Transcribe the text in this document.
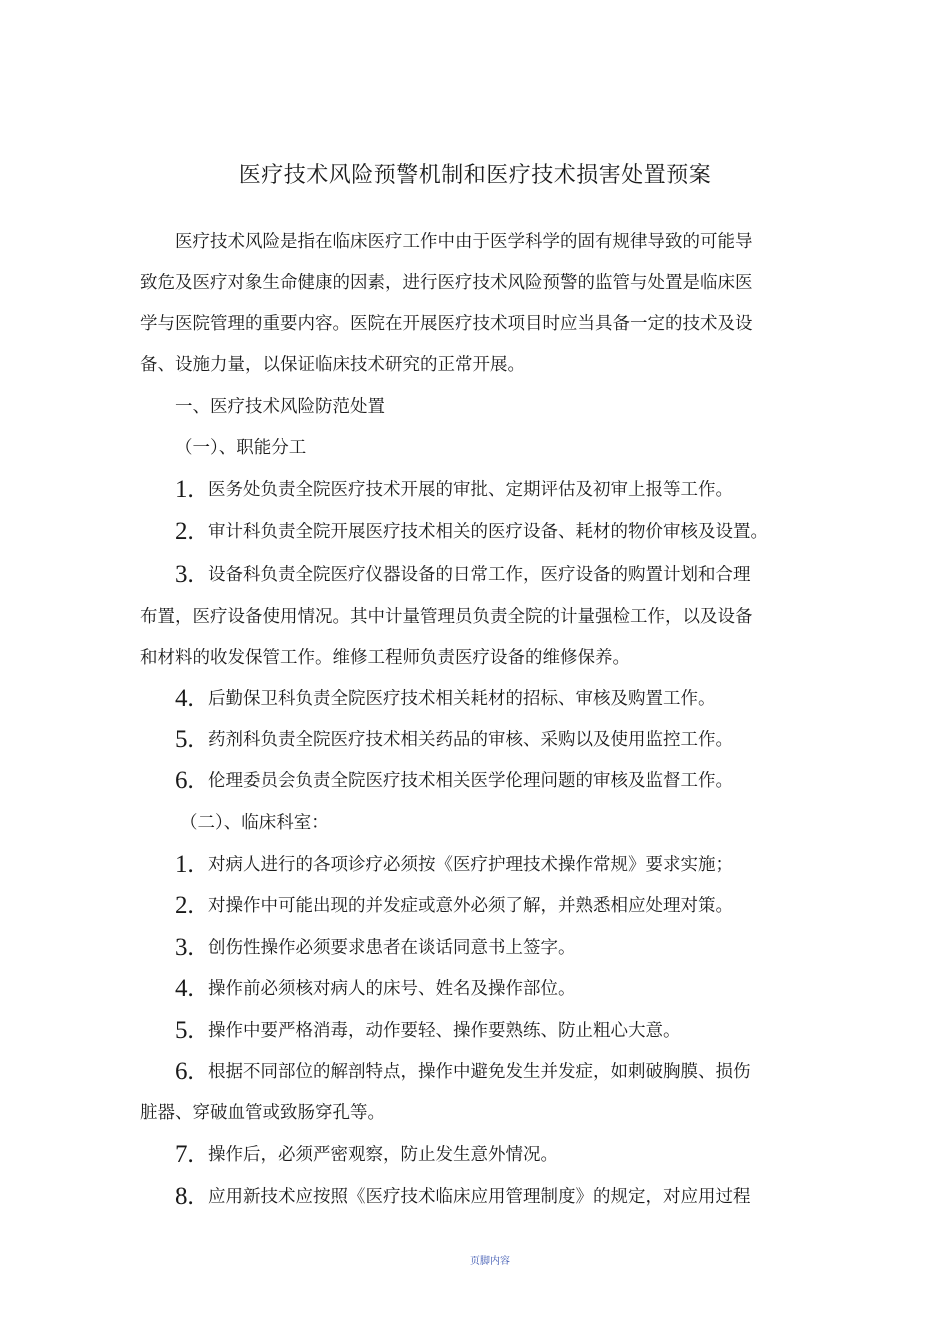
医疗技术风险预警机制和医疗技术损害处置预案
医疗技术风险是指在临床医疗工作中由于医学科学的固有规律导致的可能导
致危及医疗对象生命健康的因素，进行医疗技术风险预警的监管与处置是临床医
学与医院管理的重要内容。医院在开展医疗技术项目时应当具备一定的技术及设
备、设施力量，以保证临床技术研究的正常开展。
一、医疗技术风险防范处置
（一）、职能分工
1. 医务处负责全院医疗技术开展的审批、定期评估及初审上报等工作。
2. 审计科负责全院开展医疗技术相关的医疗设备、耗材的物价审核及设置。
3. 设备科负责全院医疗仪器设备的日常工作，医疗设备的购置计划和合理
布置，医疗设备使用情况。其中计量管理员负责全院的计量强检工作，以及设备
和材料的收发保管工作。维修工程师负责医疗设备的维修保养。
4. 后勤保卫科负责全院医疗技术相关耗材的招标、审核及购置工作。
5. 药剂科负责全院医疗技术相关药品的审核、采购以及使用监控工作。
6. 伦理委员会负责全院医疗技术相关医学伦理问题的审核及监督工作。
（二）、临床科室：
1. 对病人进行的各项诊疗必须按《医疗护理技术操作常规》要求实施；
2. 对操作中可能出现的并发症或意外必须了解，并熟悉相应处理对策。
3. 创伤性操作必须要求患者在谈话同意书上签字。
4. 操作前必须核对病人的床号、姓名及操作部位。
5. 操作中要严格消毒，动作要轻、操作要熟练、防止粗心大意。
6. 根据不同部位的解剖特点，操作中避免发生并发症，如刺破胸膜、损伤
脏器、穿破血管或致肠穿孔等。
7. 操作后，必须严密观察，防止发生意外情况。
8. 应用新技术应按照《医疗技术临床应用管理制度》的规定，对应用过程
页脚内容
